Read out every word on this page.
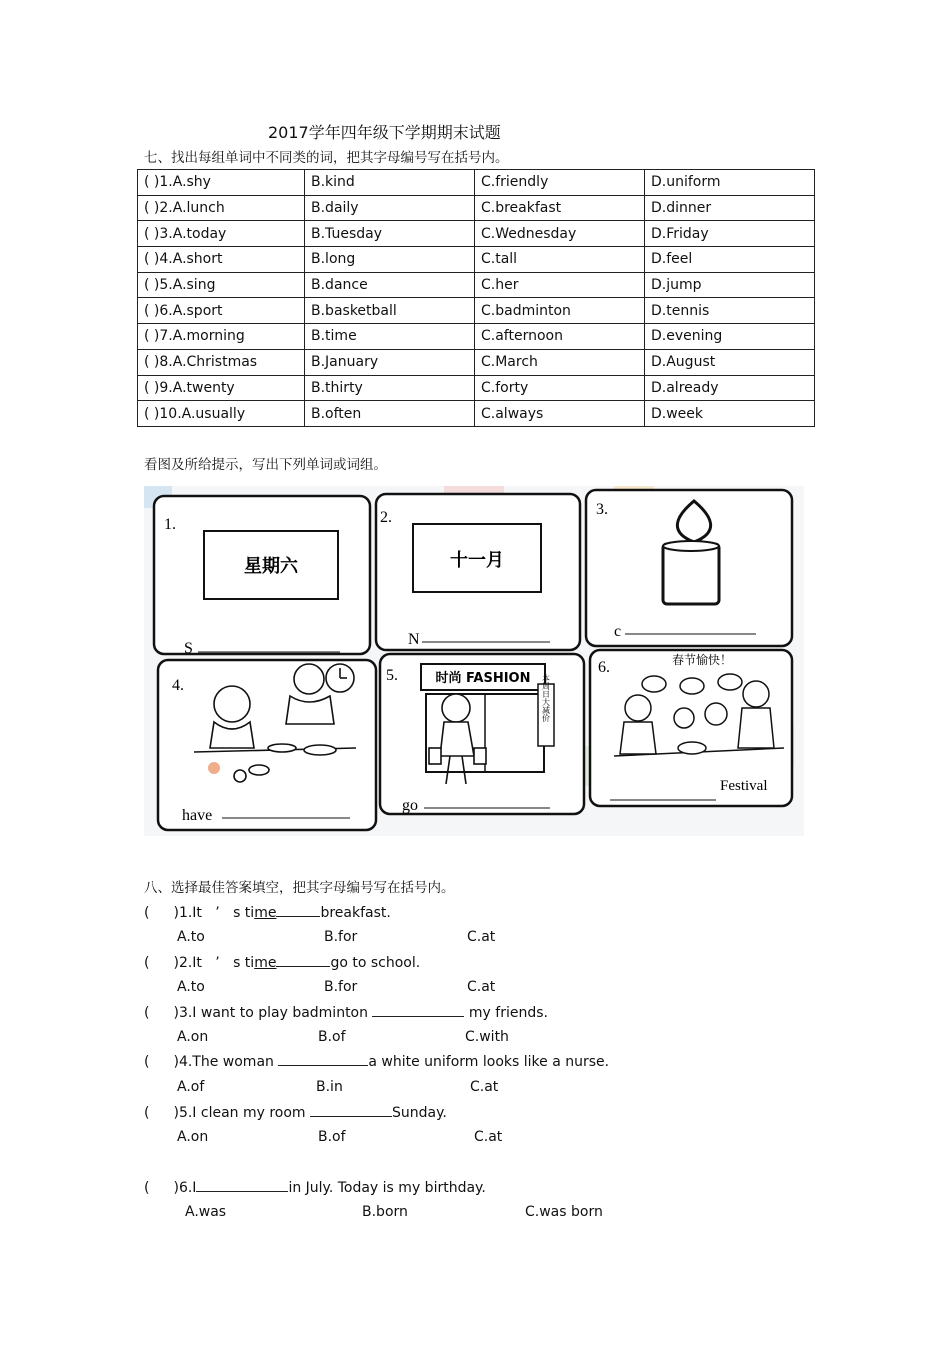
2017学年四年级下学期期末试题
七、找出每组单词中不同类的词，把其字母编号写在括号内。
( )1.A.shy	B.kind	C.friendly	D.uniform
( )2.A.lunch	B.daily	C.breakfast	D.dinner
( )3.A.today	B.Tuesday	C.Wednesday	D.Friday
( )4.A.short	B.long	C.tall	D.feel
( )5.A.sing	B.dance	C.her	D.jump
( )6.A.sport	B.basketball	C.badminton	D.tennis
( )7.A.morning	B.time	C.afternoon	D.evening
( )8.A.Christmas	B.January	C.March	D.August
( )9.A.twenty	B.thirty	C.forty	D.already
( )10.A.usually	B.often	C.always	D.week
看图及所给提示，写出下列单词或词组。
1.
星期六
S
2.
十一月
N
3.
c
4.
have
5.	时尚 FASHION 本周日大减价
go
6.	春节愉快！
Festival
八、选择最佳答案填空，把其字母编号写在括号内。
( )1.It   ’   s time	breakfast.
A.to	B.for	C.at
( )2.It   ’   s time	go to school.
A.to	B.for	C.at
( )3.I want to play badminton	my friends.
A.on	B.of	C.with
( )4.The woman	a white uniform looks like a nurse.
A.of	B.in	C.at
( )5.I clean my room	Sunday.
A.on	B.of	C.at
( )6.I	in July. Today is my birthday.
A.was	B.born	C.was born
